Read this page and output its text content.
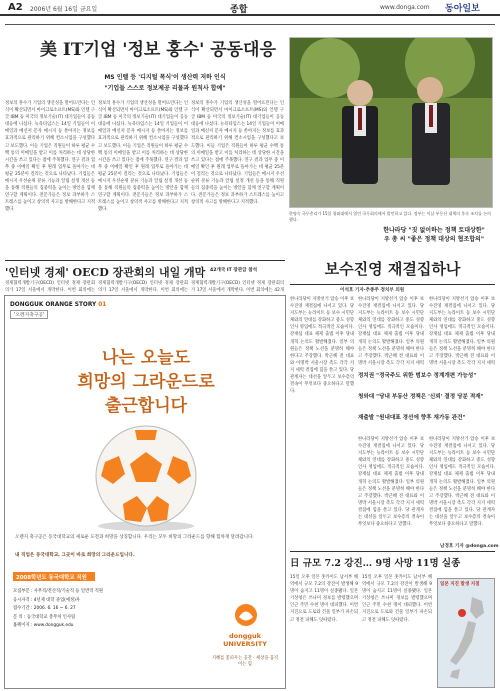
A2 2006년 6월 16일 금요일	종합	www.donga.com 동아일보
美 IT기업 '정보 홍수' 공동대응
MS 인텔 등 '디지털 폭식'이 생산력 저하 인식
"기업들 스스로 정보제공 리물과 원칙사 합예"
정보의 홍수가 기업의 생산성을 떨어뜨린다는 인식이 확산되면서 마이크로소프트(MS)와 인텔 구글 IBM 등 미국의 정보기술(IT) 대기업들이 공동 대응에 나섰다. 뉴욕타임스는 14일 기업들이 이메일과 메신저 문자 메시지 등 쏟아지는 정보를 효과적으로 관리하기 위해 컨소시엄을 구성했다고 보도했다. 이들 기업은 직원들이 하루 평균 수백 통의 이메일을 받고 이를 처리하는 데 상당한 시간을 쓰고 있다는 점에 주목했다. 연구 결과 업무 중 이메일 확인 후 원래 업무로 돌아가는 데 평균 25분이 걸리는 것으로 나타났다. 기업들은 메시지 우선순위 분류 기능과 알림 설정 개선 등을 통해 직원들의 집중력을 높이는 방안을 함께 연구할 계획이다. 전문가들은 정보 과부하가 스트레스를 높이고 창의적 사고를 방해한다고 지적했다.
정보의 홍수가 기업의 생산성을 떨어뜨린다는 인식이 확산되면서 마이크로소프트(MS)와 인텔 구글 IBM 등 미국의 정보기술(IT) 대기업들이 공동 대응에 나섰다. 뉴욕타임스는 14일 기업들이 이메일과 메신저 문자 메시지 등 쏟아지는 정보를 효과적으로 관리하기 위해 컨소시엄을 구성했다고 보도했다. 이들 기업은 직원들이 하루 평균 수백 통의 이메일을 받고 이를 처리하는 데 상당한 시간을 쓰고 있다는 점에 주목했다. 연구 결과 업무 중 이메일 확인 후 원래 업무로 돌아가는 데 평균 25분이 걸리는 것으로 나타났다. 기업들은 메시지 우선순위 분류 기능과 알림 설정 개선 등을 통해 직원들의 집중력을 높이는 방안을 함께 연구할 계획이다. 전문가들은 정보 과부하가 스트레스를 높이고 창의적 사고를 방해한다고 지적했다.
정보의 홍수가 기업의 생산성을 떨어뜨린다는 인식이 확산되면서 마이크로소프트(MS)와 인텔 구글 IBM 등 미국의 정보기술(IT) 대기업들이 공동 대응에 나섰다. 뉴욕타임스는 14일 기업들이 이메일과 메신저 문자 메시지 등 쏟아지는 정보를 효과적으로 관리하기 위해 컨소시엄을 구성했다고 보도했다. 이들 기업은 직원들이 하루 평균 수백 통의 이메일을 받고 이를 처리하는 데 상당한 시간을 쓰고 있다는 점에 주목했다. 연구 결과 업무 중 이메일 확인 후 원래 업무로 돌아가는 데 평균 25분이 걸리는 것으로 나타났다. 기업들은 메시지 우선순위 분류 기능과 알림 설정 개선 등을 통해 직원들의 집중력을 높이는 방안을 함께 연구할 계획이다. 전문가들은 정보 과부하가 스트레스를 높이고 창의적 사고를 방해한다고 지적했다.
한명숙 국무총리가 15일 청와대에서 열린 국무회의에서 발언하고 있다. 정부는 이날 부동산 대책의 후속 조치를 논의했다.
한나라당 "짓 없이하는 정책 토대상한"
우 총 씨 "좋은 정책 대상의 협조합의"
보수진영 재결집하나
이석호 기자·추종주 정치부 의원
한나라당이 지방선거 압승 이후 보수진영 재결집에 나서고 있다. 당 지도부는 뉴라이트 등 보수 시민단체와의 연대를 강화하고 중도 성향 인사 영입에도 적극적인 모습이다. 강재섭 대표 체제 출범 이후 당내 개혁 논의도 활발해졌다. 일부 의원들은 정책 노선을 분명히 해야 한다고 주장했다. 박근혜 전 대표와 이명박 서울시장 측도 각각 지지 세력 결집에 힘을 쏟고 있다. 당 관계자는 대선을 앞두고 보수층의 결속이 무엇보다 중요하다고 말했다.
한나라당이 지방선거 압승 이후 보수진영 재결집에 나서고 있다. 당 지도부는 뉴라이트 등 보수 시민단체와의 연대를 강화하고 중도 성향 인사 영입에도 적극적인 모습이다. 강재섭 대표 체제 출범 이후 당내 개혁 논의도 활발해졌다. 일부 의원들은 정책 노선을 분명히 해야 한다고 주장했다. 박근혜 전 대표와 이명박 서울시장 측도 각각 지지 세력
한나라당이 지방선거 압승 이후 보수진영 재결집에 나서고 있다. 당 지도부는 뉴라이트 등 보수 시민단체와의 연대를 강화하고 중도 성향 인사 영입에도 적극적인 모습이다. 강재섭 대표 체제 출범 이후 당내 개혁 논의도 활발해졌다. 일부 의원들은 정책 노선을 분명히 해야 한다고 주장했다. 박근혜 전 대표와 이명박 서울시장 측도 각각 지지 세력
정치권 "정국주도 위한 범보수 정계개편 가능성"
청와대 "당내 부동산 정책은 '신뢰' 결정 당분 적재"
재출발 "원내대표 경선에 향후 재가동 관건"
한나라당이 지방선거 압승 이후 보수진영 재결집에 나서고 있다. 당 지도부는 뉴라이트 등 보수 시민단체와의 연대를 강화하고 중도 성향 인사 영입에도 적극적인 모습이다. 강재섭 대표 체제 출범 이후 당내 개혁 논의도 활발해졌다. 일부 의원들은 정책 노선을 분명히 해야 한다고 주장했다. 박근혜 전 대표와 이명박 서울시장 측도 각각 지지 세력 결집에 힘을 쏟고 있다. 당 관계자는 대선을 앞두고 보수층의 결속이 무엇보다 중요하다고 말했다.
한나라당이 지방선거 압승 이후 보수진영 재결집에 나서고 있다. 당 지도부는 뉴라이트 등 보수 시민단체와의 연대를 강화하고 중도 성향 인사 영입에도 적극적인 모습이다. 강재섭 대표 체제 출범 이후 당내 개혁 논의도 활발해졌다. 일부 의원들은 정책 노선을 분명히 해야 한다고 주장했다. 박근혜 전 대표와 이명박 서울시장 측도 각각 지지 세력 결집에 힘을 쏟고 있다. 당 관계자는 대선을 앞두고 보수층의 결속이 무엇보다 중요하다고 말했다.
남경호 기자 @donga.com
'인터넷 경제' OECD 장관회의 내일 개막 42개국 IT 장관급 참석
경제협력개발기구(OECD) 인터넷 경제 장관회의가 17일 서울에서 개막한다. 이번 회의에는
경제협력개발기구(OECD) 인터넷 경제 장관회의가 17일 서울에서 개막한다. 이번 회의에는
경제협력개발기구(OECD) 인터넷 경제 장관회의가 17일 서울에서 개막한다. 이번 회의에는 42개
DONGGUK ORANGE STORY 01
'오렌지축구공'
나는 오늘도
희망의 그라운드로
출근합니다
오렌지 축구공은 동국대학교의 새로운 도전과 희망을 상징합니다. 우리는 모두 희망의 그라운드를 향해 힘차게 달려갑니다.
내 직업은 동국대학교, 그곳이 바로 희망의 그라운드입니다.
2008학년도 동국대학교 직원채용
모집부문 : 사무직/전산직/기술직 등 일반직 직원
응시자격 : 4년제 대학 졸업(예정)자
접수기간 : 2006. 6. 16 ~ 6. 27
문 의 : 동국대학교 총무처 인사팀
홈페이지 : www.dongguk.edu
dongguk UNIVERSITY
지혜를 꽃피우는 공간 · 세상을 움직이는 힘
日 규모 7.2 강진… 9명 사망 11명 실종
15일 오후 일본 홋카이도 남서부 해역에서 규모 7.2의 강진이 발생해 9명이 숨지고 11명이 실종됐다. 일본 기상청은 쓰나미 경보를 발령했으며 인근 주민 수천 명이 대피했다. 이번 지진으로 도로와 건물 일부가 파손되고 정전 피해도 잇따랐다.
15일 오후 일본 홋카이도 남서부 해역에서 규모 7.2의 강진이 발생해 9명이 숨지고 11명이 실종됐다. 일본 기상청은 쓰나미 경보를 발령했으며 인근 주민 수천 명이 대피했다. 이번 지진으로 도로와 건물 일부가 파손되고 정전 피해도 잇따랐다.
일본 지진 발생 지점
